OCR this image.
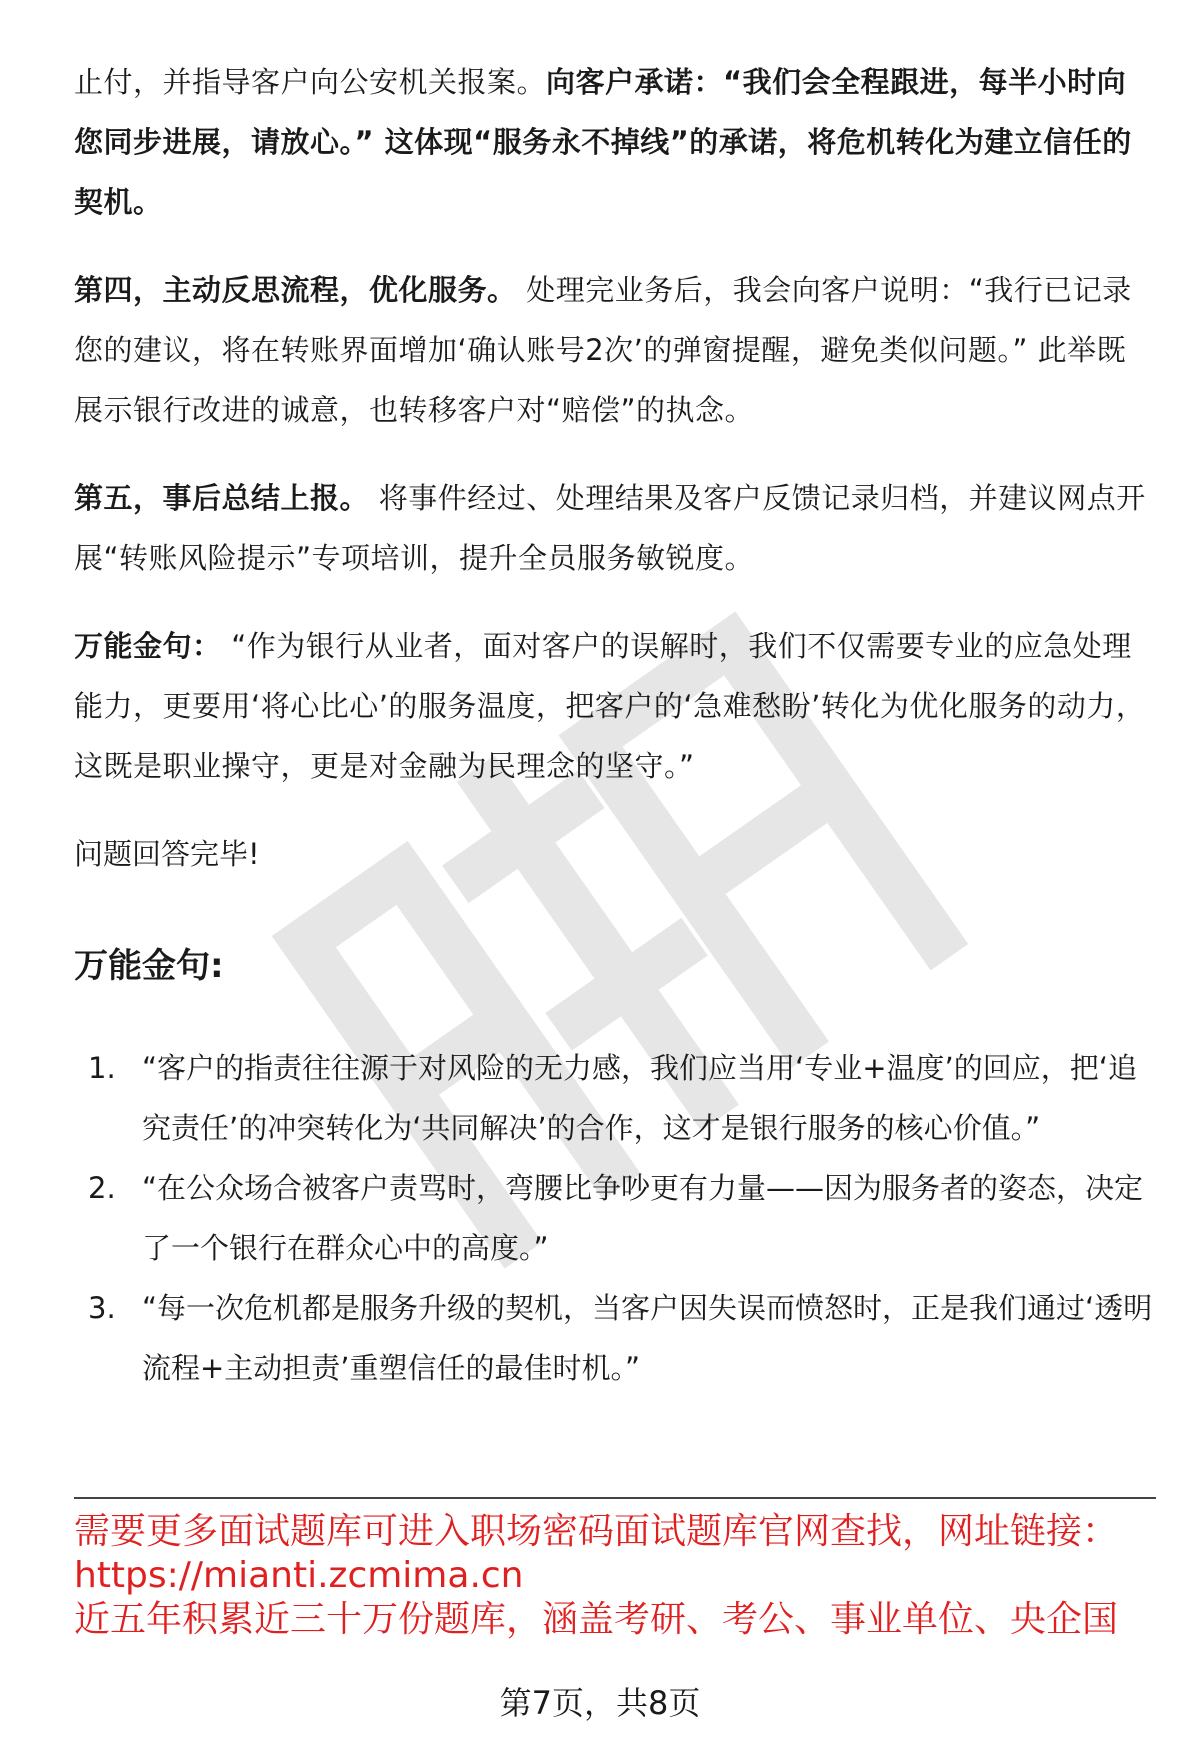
止付，并指导客户向公安机关报案。向客户承诺：“我们会全程跟进，每半小时向您同步进展，请放心。” 这体现“服务永不掉线”的承诺，将危机转化为建立信任的契机。

第四，主动反思流程，优化服务。 处理完业务后，我会向客户说明：“我行已记录您的建议，将在转账界面增加‘确认账号2次’的弹窗提醒，避免类似问题。” 此举既展示银行改进的诚意，也转移客户对“赔偿”的执念。

第五，事后总结上报。 将事件经过、处理结果及客户反馈记录归档，并建议网点开展“转账风险提示”专项培训，提升全员服务敏锐度。

万能金句： “作为银行从业者，面对客户的误解时，我们不仅需要专业的应急处理能力，更要用‘将心比心’的服务温度，把客户的‘急难愁盼’转化为优化服务的动力，这既是职业操守，更是对金融为民理念的坚守。”

问题回答完毕!

万能金句:
1. “客户的指责往往源于对风险的无力感，我们应当用‘专业+温度’的回应，把‘追究责任’的冲突转化为‘共同解决’的合作，这才是银行服务的核心价值。”
2. “在公众场合被客户责骂时，弯腰比争吵更有力量——因为服务者的姿态，决定了一个银行在群众心中的高度。”
3. “每一次危机都是服务升级的契机，当客户因失误而愤怒时，正是我们通过‘透明流程+主动担责’重塑信任的最佳时机。”
需要更多面试题库可进入职场密码面试题库官网查找，网址链接：
https://mianti.zcmima.cn
近五年积累近三十万份题库，涵盖考研、考公、事业单位、央企国
第7页，共8页
